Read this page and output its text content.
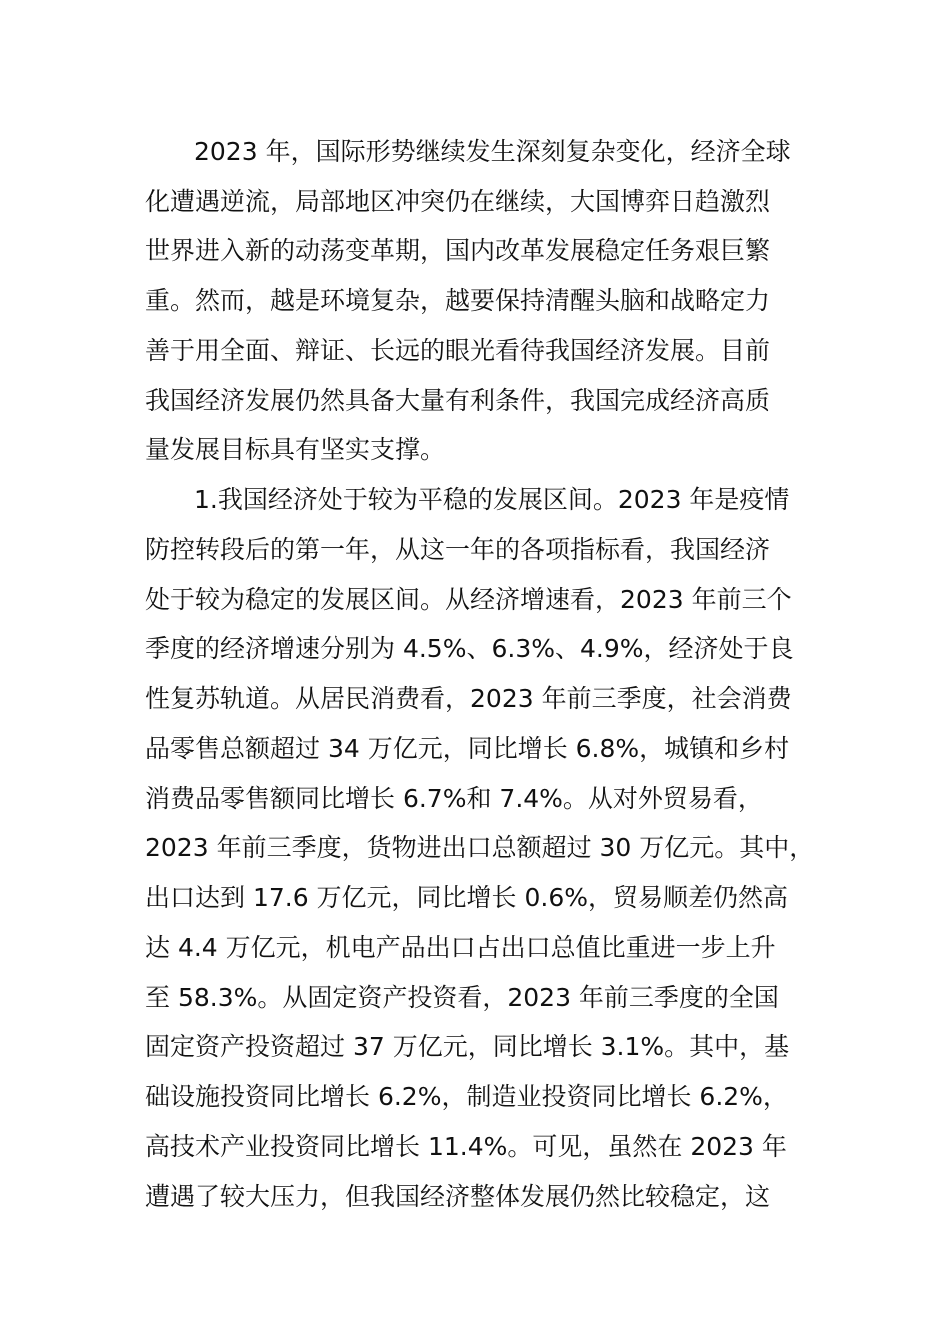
2023 年，国际形势继续发生深刻复杂变化，经济全球
化遭遇逆流，局部地区冲突仍在继续，大国博弈日趋激烈
世界进入新的动荡变革期，国内改革发展稳定任务艰巨繁
重。然而，越是环境复杂，越要保持清醒头脑和战略定力
善于用全面、辩证、长远的眼光看待我国经济发展。目前
我国经济发展仍然具备大量有利条件，我国完成经济高质
量发展目标具有坚实支撑。
1.我国经济处于较为平稳的发展区间。2023 年是疫情
防控转段后的第一年，从这一年的各项指标看，我国经济
处于较为稳定的发展区间。从经济增速看，2023 年前三个
季度的经济增速分别为 4.5%、6.3%、4.9%，经济处于良
性复苏轨道。从居民消费看，2023 年前三季度，社会消费
品零售总额超过 34 万亿元，同比增长 6.8%，城镇和乡村
消费品零售额同比增长 6.7%和 7.4%。从对外贸易看，
2023 年前三季度，货物进出口总额超过 30 万亿元。其中，
出口达到 17.6 万亿元，同比增长 0.6%，贸易顺差仍然高
达 4.4 万亿元，机电产品出口占出口总值比重进一步上升
至 58.3%。从固定资产投资看，2023 年前三季度的全国
固定资产投资超过 37 万亿元，同比增长 3.1%。其中，基
础设施投资同比增长 6.2%，制造业投资同比增长 6.2%，
高技术产业投资同比增长 11.4%。可见，虽然在 2023 年
遭遇了较大压力，但我国经济整体发展仍然比较稳定，这
